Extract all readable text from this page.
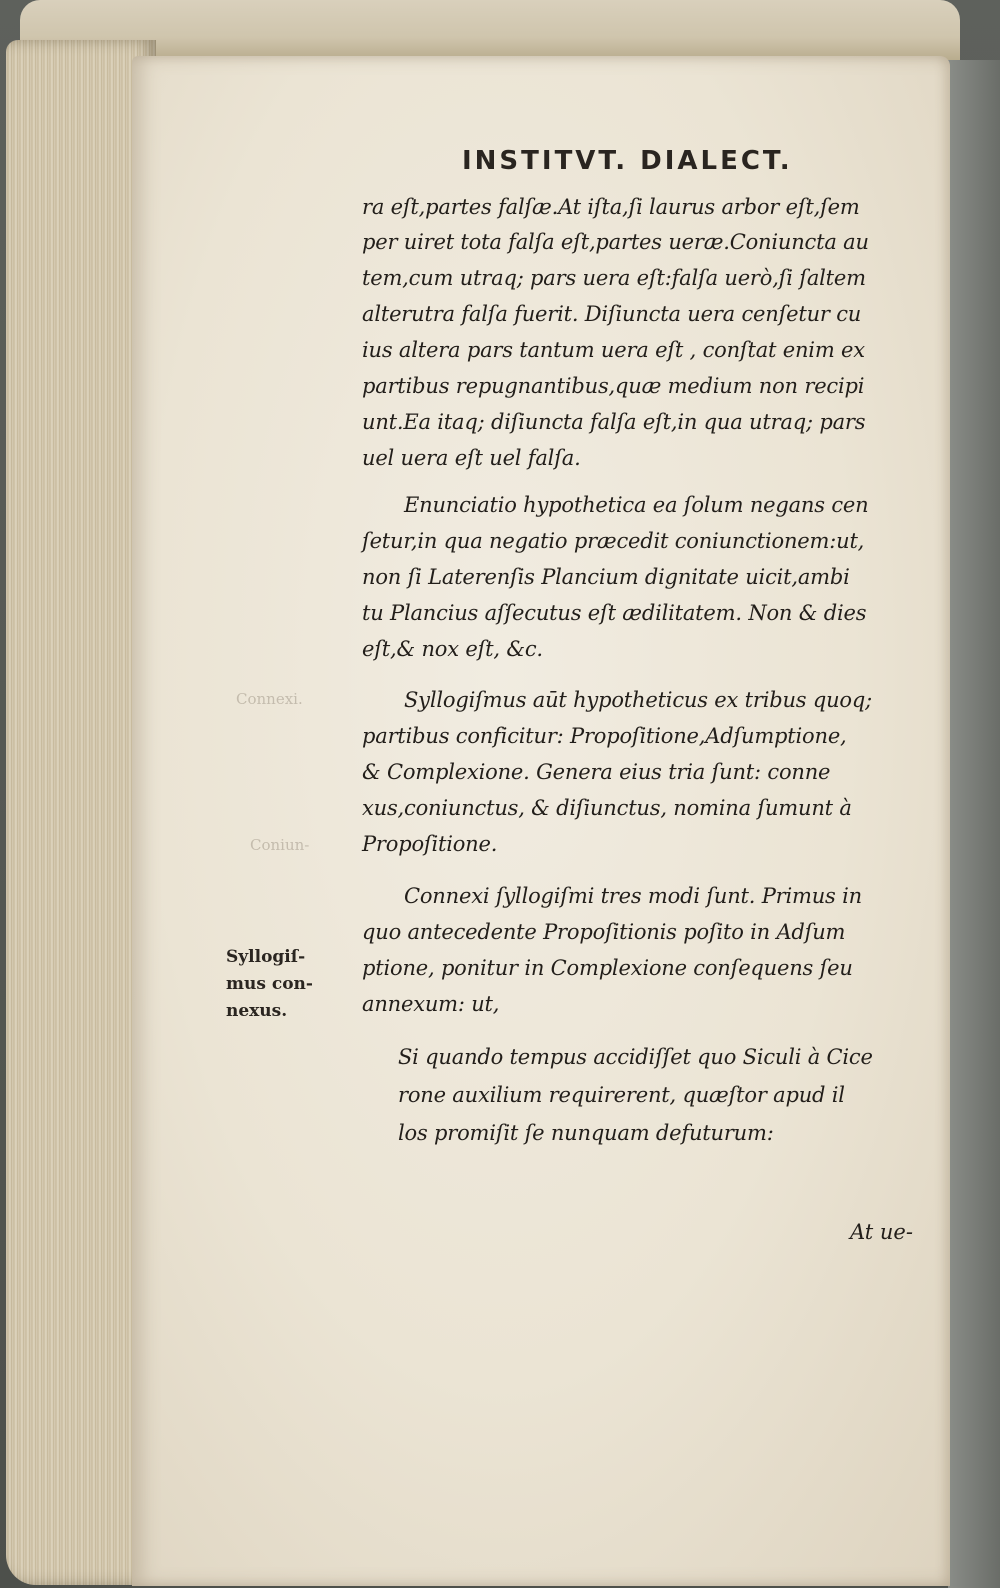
Connexi.
Coniun-
INSTITVT. DIALECT.

ra eſt,partes falſæ.At iſta,ſi laurus arbor eſt,ſem

per uiret tota falſa eſt,partes ueræ.Coniuncta au

tem,cum utraq; pars uera eſt:falſa uerò,ſi ſaltem

alterutra falſa fuerit. Diſiuncta uera cenſetur cu

ius altera pars tantum uera eſt , conſtat enim ex

partibus repugnantibus,quæ medium non recipi

unt.Ea itaq; diſiuncta falſa eſt,in qua utraq; pars

uel uera eſt uel falſa.

Enunciatio hypothetica ea ſolum negans cen

ſetur,in qua negatio præcedit coniunctionem:ut,

non ſi Laterenſis Plancium dignitate uicit,ambi

tu Plancius aſſecutus eſt ædilitatem. Non & dies

eſt,& nox eſt, &c.

Syllogiſmus aūt hypotheticus ex tribus quoq;

partibus conficitur: Propoſitione,Adſumptione,

& Complexione. Genera eius tria ſunt: conne

xus,coniunctus, & diſiunctus, nomina ſumunt à

Propoſitione.

Connexi ſyllogiſmi tres modi ſunt. Primus in

quo antecedente Propoſitionis poſito in Adſum

ptione, ponitur in Complexione conſequens ſeu

annexum: ut,

Si quando tempus accidiſſet quo Siculi à Cice

rone auxilium requirerent, quæſtor apud il

los promiſit ſe nunquam defuturum:

Syllogiſ-
mus con-
nexus.

At ue-
